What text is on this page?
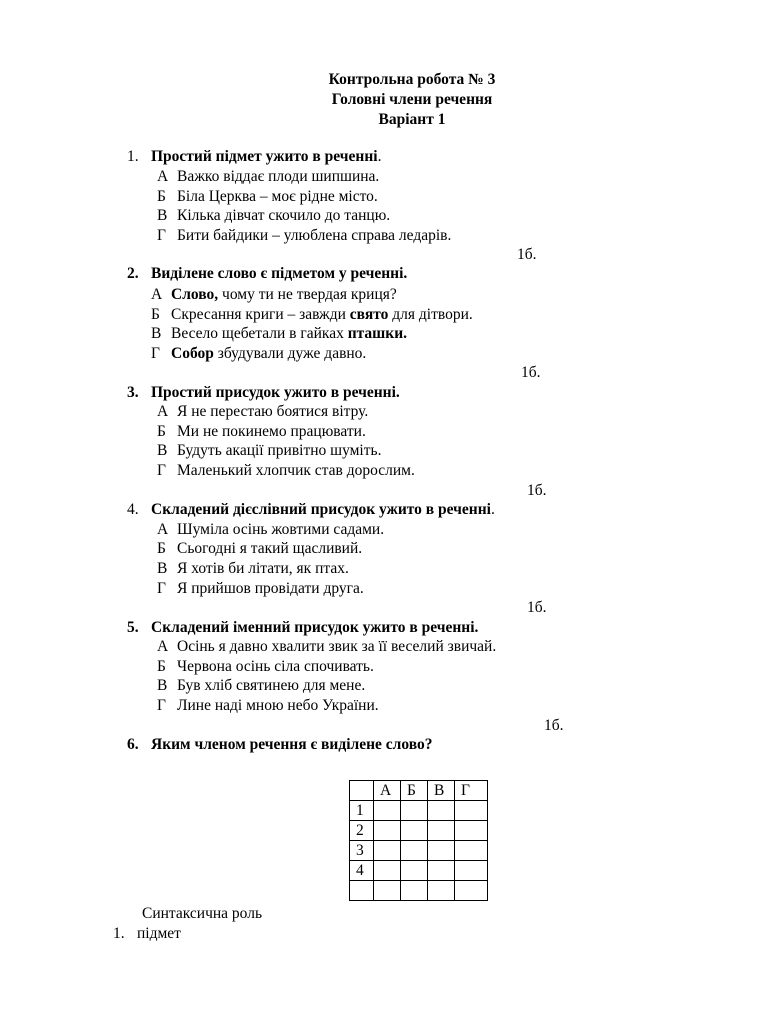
Контрольна робота № 3
Головні члени речення
Варіант 1
1. Простий підмет ужито в реченні.
А Важко віддає плоди шипшина.
Б Біла Церква – моє рідне місто.
В Кілька дівчат скочило до танцю.
Г Бити байдики – улюблена справа ледарів.
1б.
2. Виділене слово є підметом у реченні.
А Слово, чому ти не твердая криця?
Б Скресання криги – завжди свято для дітвори.
В Весело щебетали в гайках пташки.
Г Собор збудували дуже давно.
1б.
3. Простий присудок ужито в реченні.
А Я не перестаю боятися вітру.
Б Ми не покинемо працювати.
В Будуть акації привітно шуміть.
Г Маленький хлопчик став дорослим.
1б.
4. Складений дієслівний присудок ужито в реченні.
А Шуміла осінь жовтими садами.
Б Сьогодні я такий щасливий.
В Я хотів би літати, як птах.
Г Я прийшов провідати друга.
1б.
5. Складений іменний присудок ужито в реченні.
А Осінь я давно хвалити звик за її веселий звичай.
Б Червона осінь сіла спочивать.
В Був хліб святинею для мене.
Г Лине наді мною небо України.
1б.
6. Яким членом речення є виділене слово?
	А	Б	В	Г
1				
2				
3				
4				

Синтаксична роль
1. підмет
